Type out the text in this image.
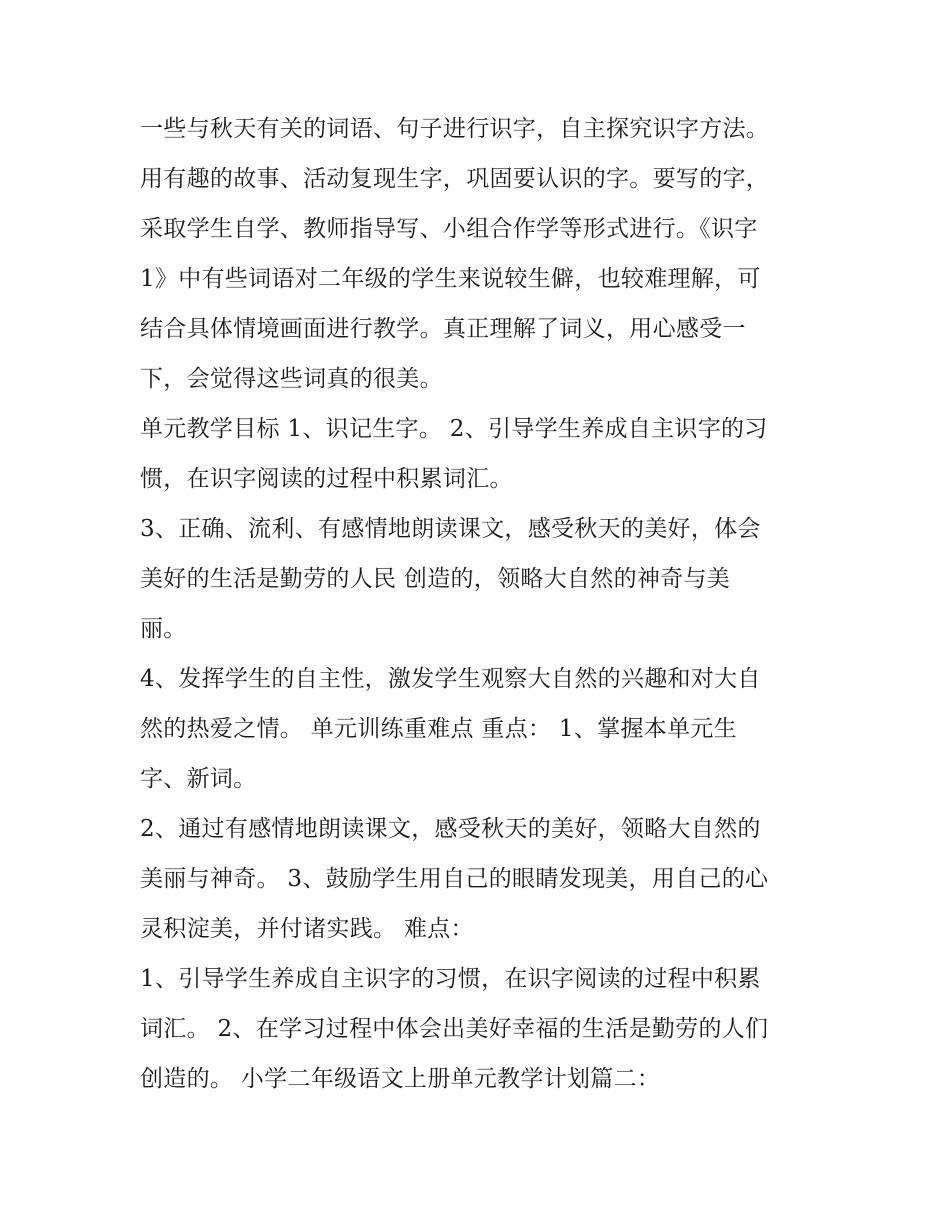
一些与秋天有关的词语、句子进行识字，自主探究识字方法。
用有趣的故事、活动复现生字，巩固要认识的字。要写的字，
采取学生自学、教师指导写、小组合作学等形式进行。《识字
1》中有些词语对二年级的学生来说较生僻，也较难理解，可
结合具体情境画面进行教学。真正理解了词义，用心感受一
下，会觉得这些词真的很美。
单元教学目标 1、识记生字。 2、引导学生养成自主识字的习
惯，在识字阅读的过程中积累词汇。
3、正确、流利、有感情地朗读课文，感受秋天的美好，体会
美好的生活是勤劳的人民 创造的，领略大自然的神奇与美
丽。
4、发挥学生的自主性，激发学生观察大自然的兴趣和对大自
然的热爱之情。 单元训练重难点 重点： 1、掌握本单元生
字、新词。
2、通过有感情地朗读课文，感受秋天的美好，领略大自然的
美丽与神奇。 3、鼓励学生用自己的眼睛发现美，用自己的心
灵积淀美，并付诸实践。 难点：
1、引导学生养成自主识字的习惯，在识字阅读的过程中积累
词汇。 2、在学习过程中体会出美好幸福的生活是勤劳的人们
创造的。 小学二年级语文上册单元教学计划篇二：
